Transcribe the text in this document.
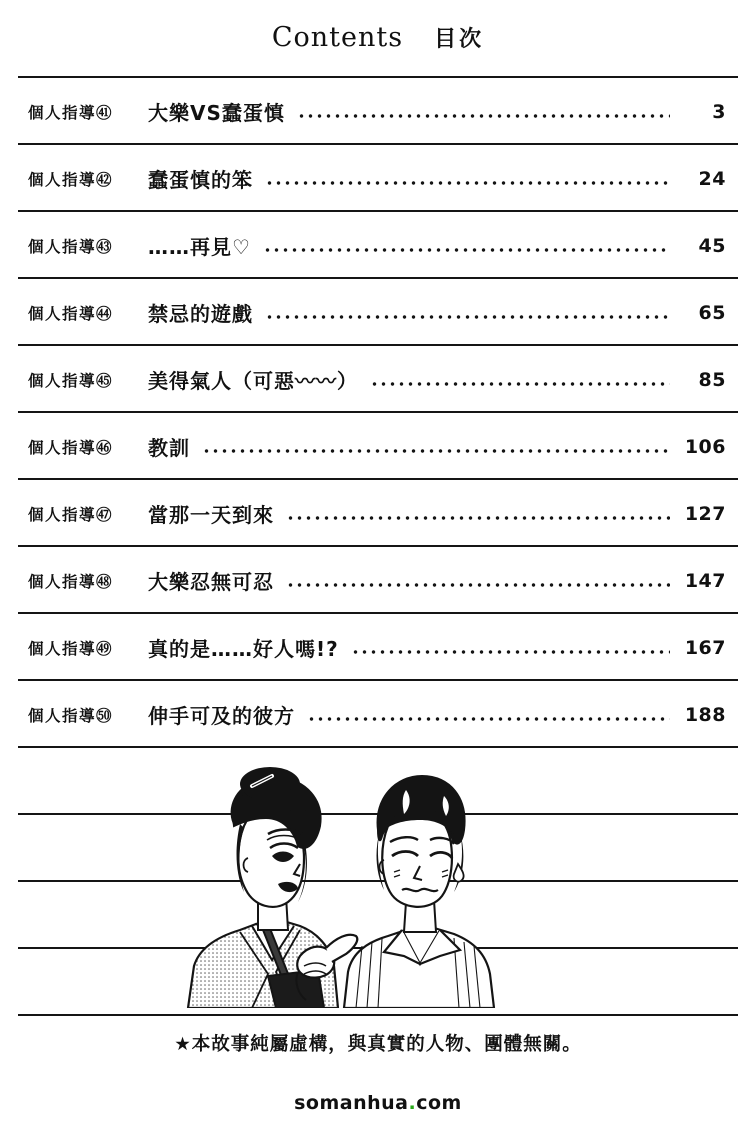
Contents 目次
個人指導㊶	大樂VS蠢蛋慎	3
個人指導㊷	蠢蛋慎的笨	24
個人指導㊸	……再見♡	45
個人指導㊹	禁忌的遊戲	65
個人指導㊺	美得氣人（可惡〰〰）	85
個人指導㊻	教訓	106
個人指導㊼	當那一天到來	127
個人指導㊽	大樂忍無可忍	147
個人指導㊾	真的是……好人嗎!?	167
個人指導㊿	伸手可及的彼方	188
★本故事純屬虛構，與真實的人物、團體無關。
somanhua.com
